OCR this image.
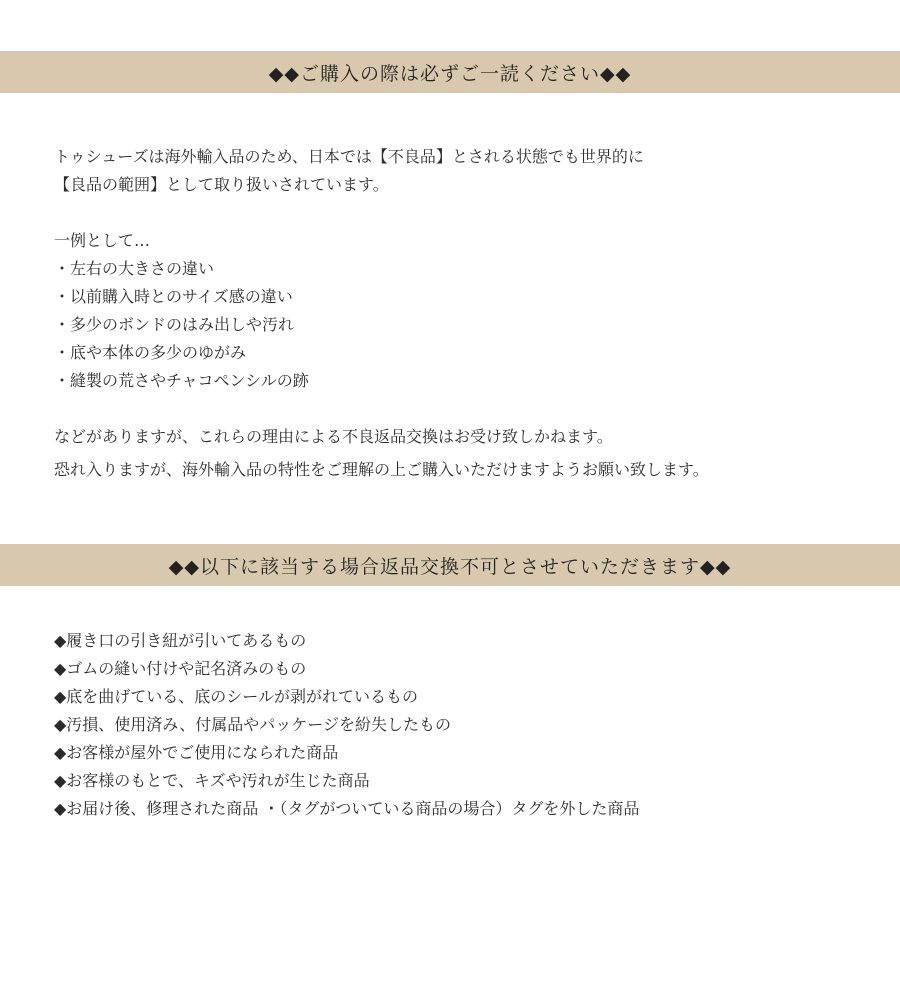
◆◆ご購入の際は必ずご一読ください◆◆
トゥシューズは海外輸入品のため、日本では【不良品】とされる状態でも世界的に
【良品の範囲】として取り扱いされています。
一例として…
・左右の大きさの違い
・以前購入時とのサイズ感の違い
・多少のボンドのはみ出しや汚れ
・底や本体の多少のゆがみ
・縫製の荒さやチャコペンシルの跡
などがありますが、これらの理由による不良返品交換はお受け致しかねます。
恐れ入りますが、海外輸入品の特性をご理解の上ご購入いただけますようお願い致します。
◆◆以下に該当する場合返品交換不可とさせていただきます◆◆
◆履き口の引き紐が引いてあるもの
◆ゴムの縫い付けや記名済みのもの
◆底を曲げている、底のシールが剥がれているもの
◆汚損、使用済み、付属品やパッケージを紛失したもの
◆お客様が屋外でご使用になられた商品
◆お客様のもとで、キズや汚れが生じた商品
◆お届け後、修理された商品 ・（タグがついている商品の場合）タグを外した商品
